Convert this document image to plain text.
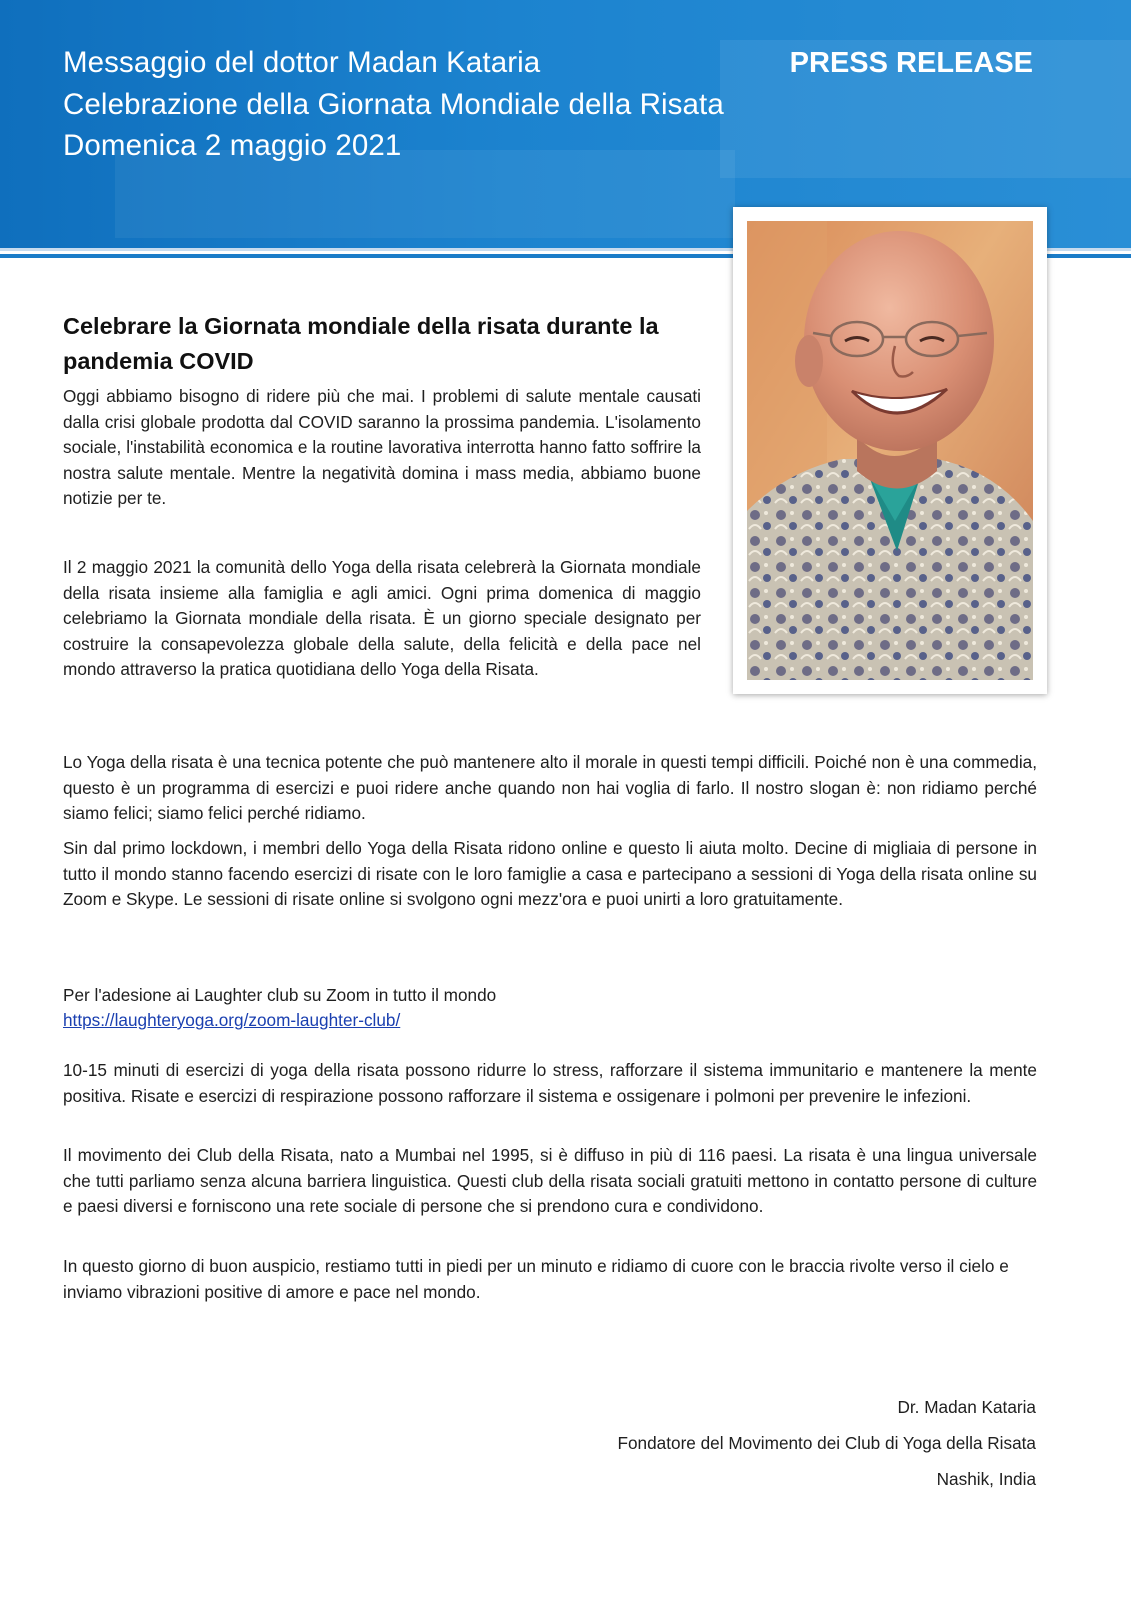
Messaggio del dottor Madan Kataria
Celebrazione della Giornata Mondiale della Risata
Domenica 2 maggio 2021
PRESS RELEASE
Celebrare la Giornata mondiale della risata durante la pandemia COVID

Oggi abbiamo bisogno di ridere più che mai. I problemi di salute mentale causati dalla crisi globale prodotta dal COVID saranno la prossima pandemia. L'isolamento sociale, l'instabilità economica e la routine lavorativa interrotta hanno fatto soffrire la nostra salute mentale. Mentre la negatività domina i mass media, abbiamo buone notizie per te.

Il 2 maggio 2021 la comunità dello Yoga della risata celebrerà la Giornata mondiale della risata insieme alla famiglia e agli amici. Ogni prima domenica di maggio celebriamo la Giornata mondiale della risata. È un giorno speciale designato per costruire la consapevolezza globale della salute, della felicità e della pace nel mondo attraverso la pratica quotidiana dello Yoga della Risata.

Lo Yoga della risata è una tecnica potente che può mantenere alto il morale in questi tempi difficili. Poiché non è una commedia, questo è un programma di esercizi e puoi ridere anche quando non hai voglia di farlo. Il nostro slogan è: non ridiamo perché siamo felici; siamo felici perché ridiamo.

Sin dal primo lockdown, i membri dello Yoga della Risata ridono online e questo li aiuta molto. Decine di migliaia di persone in tutto il mondo stanno facendo esercizi di risate con le loro famiglie a casa e partecipano a sessioni di Yoga della risata online su Zoom e Skype. Le sessioni di risate online si svolgono ogni mezz'ora e puoi unirti a loro gratuitamente.

Per l'adesione ai Laughter club su Zoom in tutto il mondo

https://laughteryoga.org/zoom-laughter-club/

10-15 minuti di esercizi di yoga della risata possono ridurre lo stress, rafforzare il sistema immunitario e mantenere la mente positiva. Risate e esercizi di respirazione possono rafforzare il sistema e ossigenare i polmoni per prevenire le infezioni.

Il movimento dei Club della Risata, nato a Mumbai nel 1995, si è diffuso in più di 116 paesi. La risata è una lingua universale che tutti parliamo senza alcuna barriera linguistica. Questi club della risata sociali gratuiti mettono in contatto persone di culture e paesi diversi e forniscono una rete sociale di persone che si prendono cura e condividono.

In questo giorno di buon auspicio, restiamo tutti in piedi per un minuto e ridiamo di cuore con le braccia rivolte verso il cielo e inviamo vibrazioni positive di amore e pace nel mondo.

Dr. Madan Kataria
Fondatore del Movimento dei Club di Yoga della Risata
Nashik, India
